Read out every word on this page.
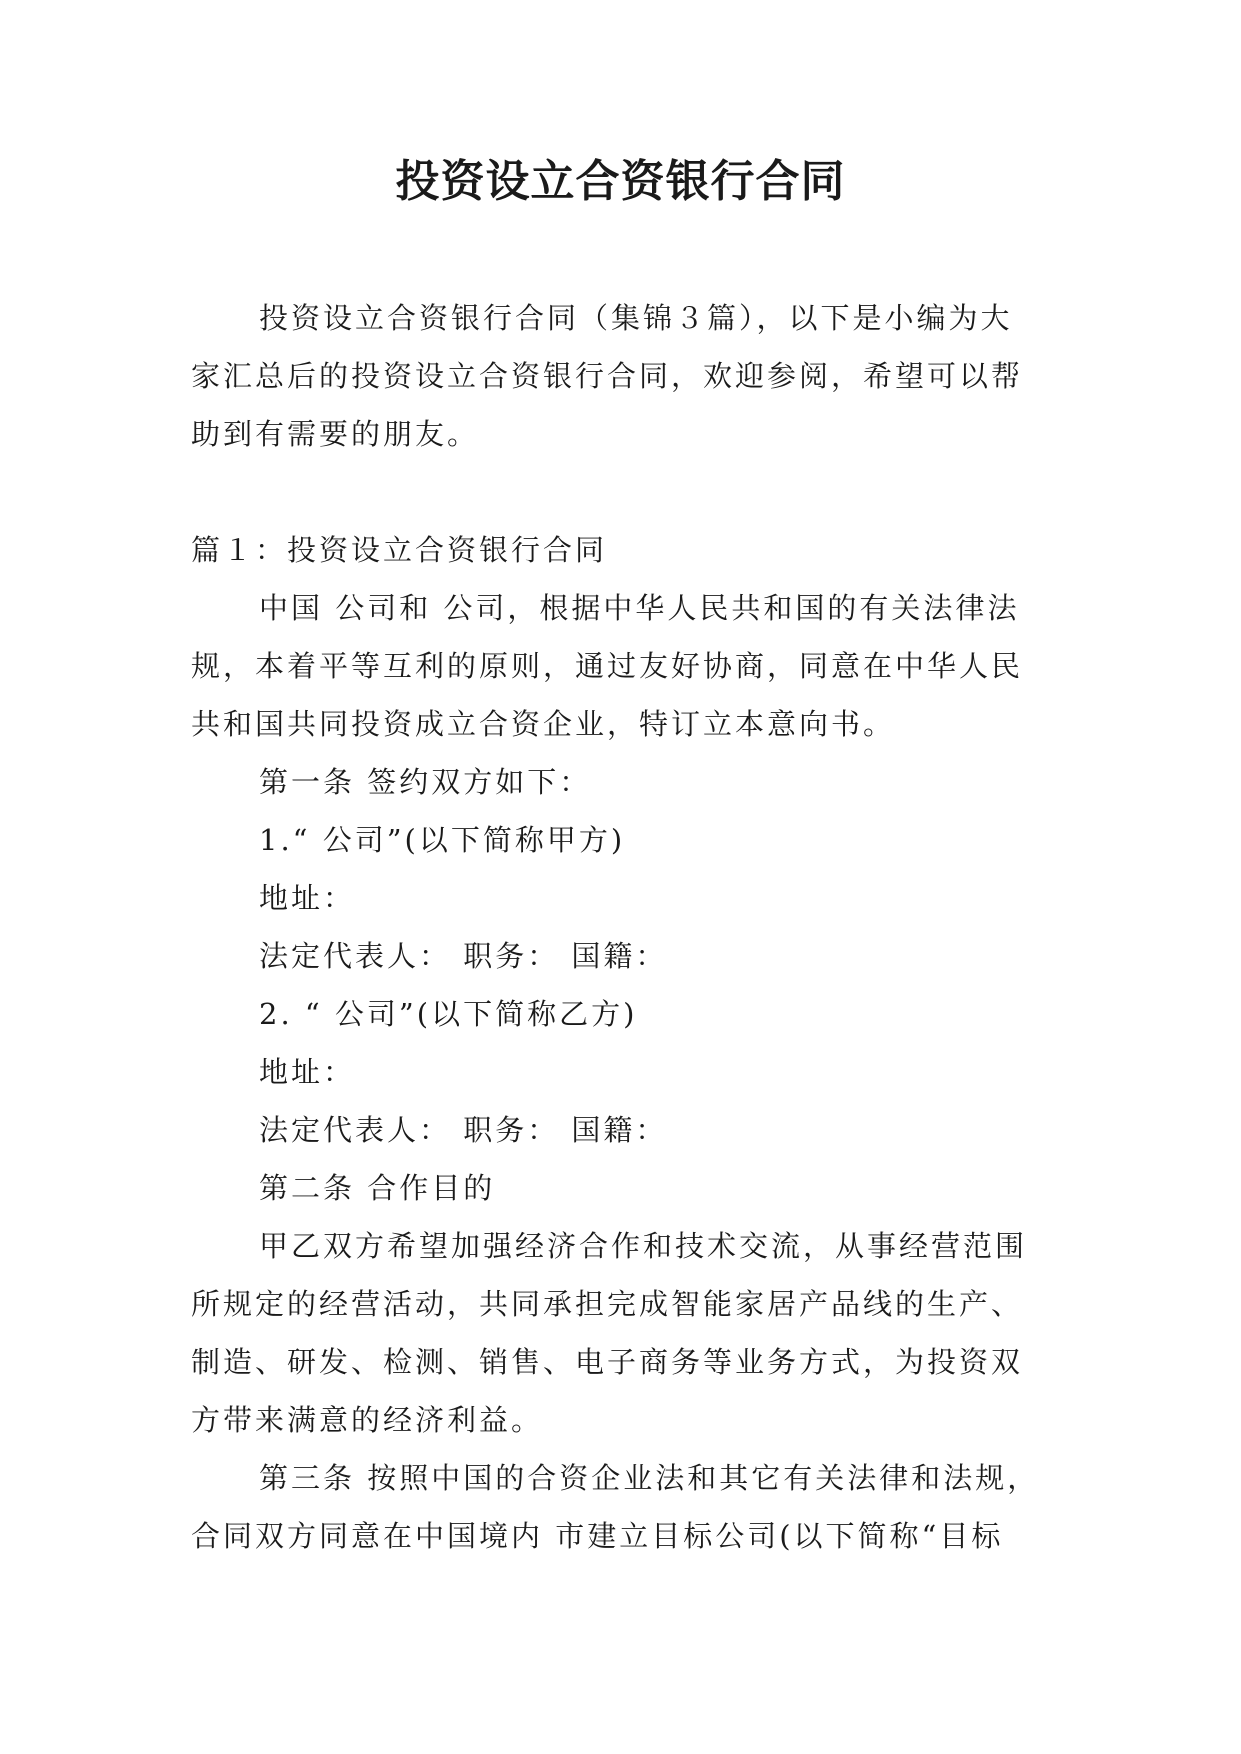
投资设立合资银行合同

投资设立合资银行合同（集锦３篇），以下是小编为大

家汇总后的投资设立合资银行合同，欢迎参阅，希望可以帮

助到有需要的朋友。

篇１：投资设立合资银行合同

中国 公司和 公司，根据中华人民共和国的有关法律法

规，本着平等互利的原则，通过友好协商，同意在中华人民

共和国共同投资成立合资企业，特订立本意向书。

第一条 签约双方如下：

1.“ 公司”(以下简称甲方)

地址：

法定代表人： 职务： 国籍：

2. “ 公司”(以下简称乙方)

地址：

法定代表人： 职务： 国籍：

第二条 合作目的

甲乙双方希望加强经济合作和技术交流，从事经营范围

所规定的经营活动，共同承担完成智能家居产品线的生产、

制造、研发、检测、销售、电子商务等业务方式，为投资双

方带来满意的经济利益。

第三条 按照中国的合资企业法和其它有关法律和法规，

合同双方同意在中国境内 市建立目标公司(以下简称“目标
